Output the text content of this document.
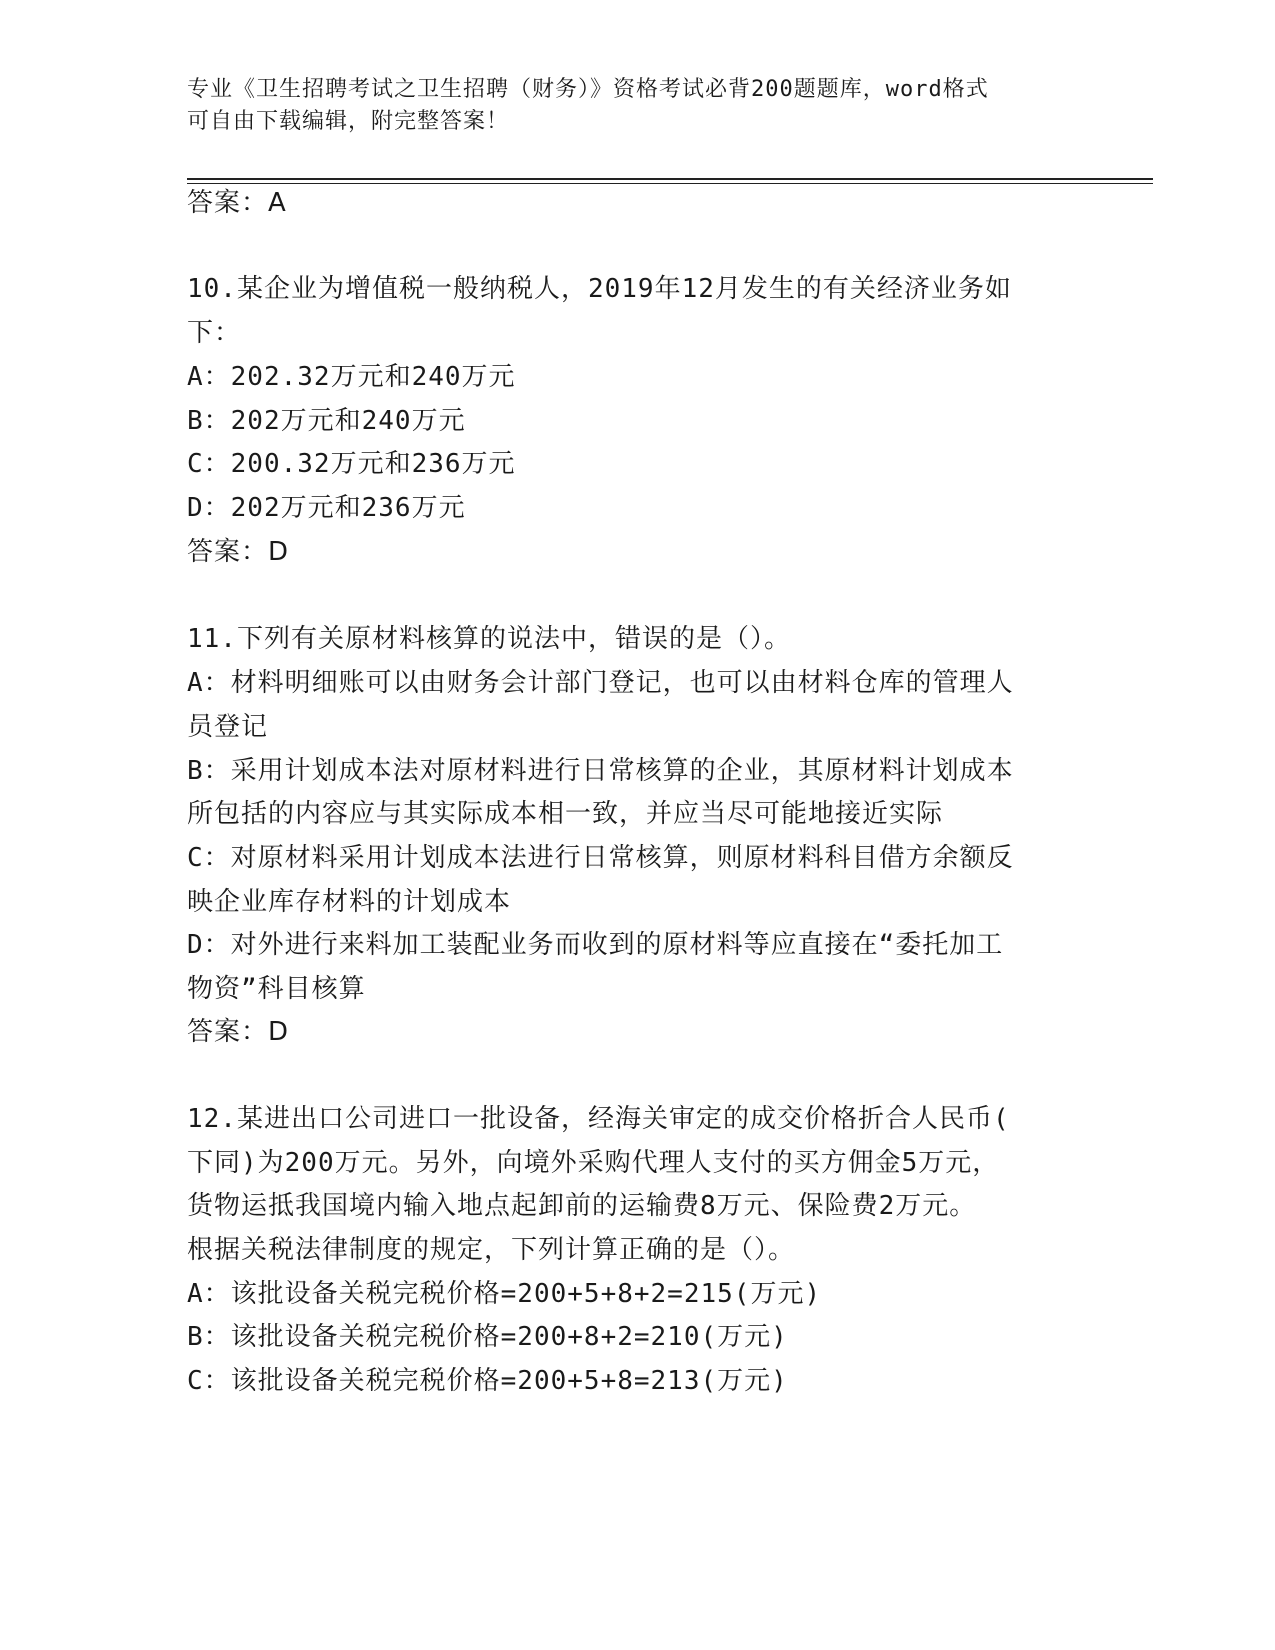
专业《卫生招聘考试之卫生招聘（财务）》资格考试必背200题题库，word格式
可自由下载编辑，附完整答案！
答案：A
10.某企业为增值税一般纳税人，2019年12月发生的有关经济业务如
下：
A：202.32万元和240万元
B：202万元和240万元
C：200.32万元和236万元
D：202万元和236万元
答案：D
11.下列有关原材料核算的说法中，错误的是（）。
A：材料明细账可以由财务会计部门登记，也可以由材料仓库的管理人
员登记
B：采用计划成本法对原材料进行日常核算的企业，其原材料计划成本
所包括的内容应与其实际成本相一致，并应当尽可能地接近实际
C：对原材料采用计划成本法进行日常核算，则原材料科目借方余额反
映企业库存材料的计划成本
D：对外进行来料加工装配业务而收到的原材料等应直接在“委托加工
物资”科目核算
答案：D
12.某进出口公司进口一批设备，经海关审定的成交价格折合人民币(
下同)为200万元。另外，向境外采购代理人支付的买方佣金5万元，
货物运抵我国境内输入地点起卸前的运输费8万元、保险费2万元。
根据关税法律制度的规定，下列计算正确的是（）。
A：该批设备关税完税价格=200+5+8+2=215(万元)
B：该批设备关税完税价格=200+8+2=210(万元)
C：该批设备关税完税价格=200+5+8=213(万元)
